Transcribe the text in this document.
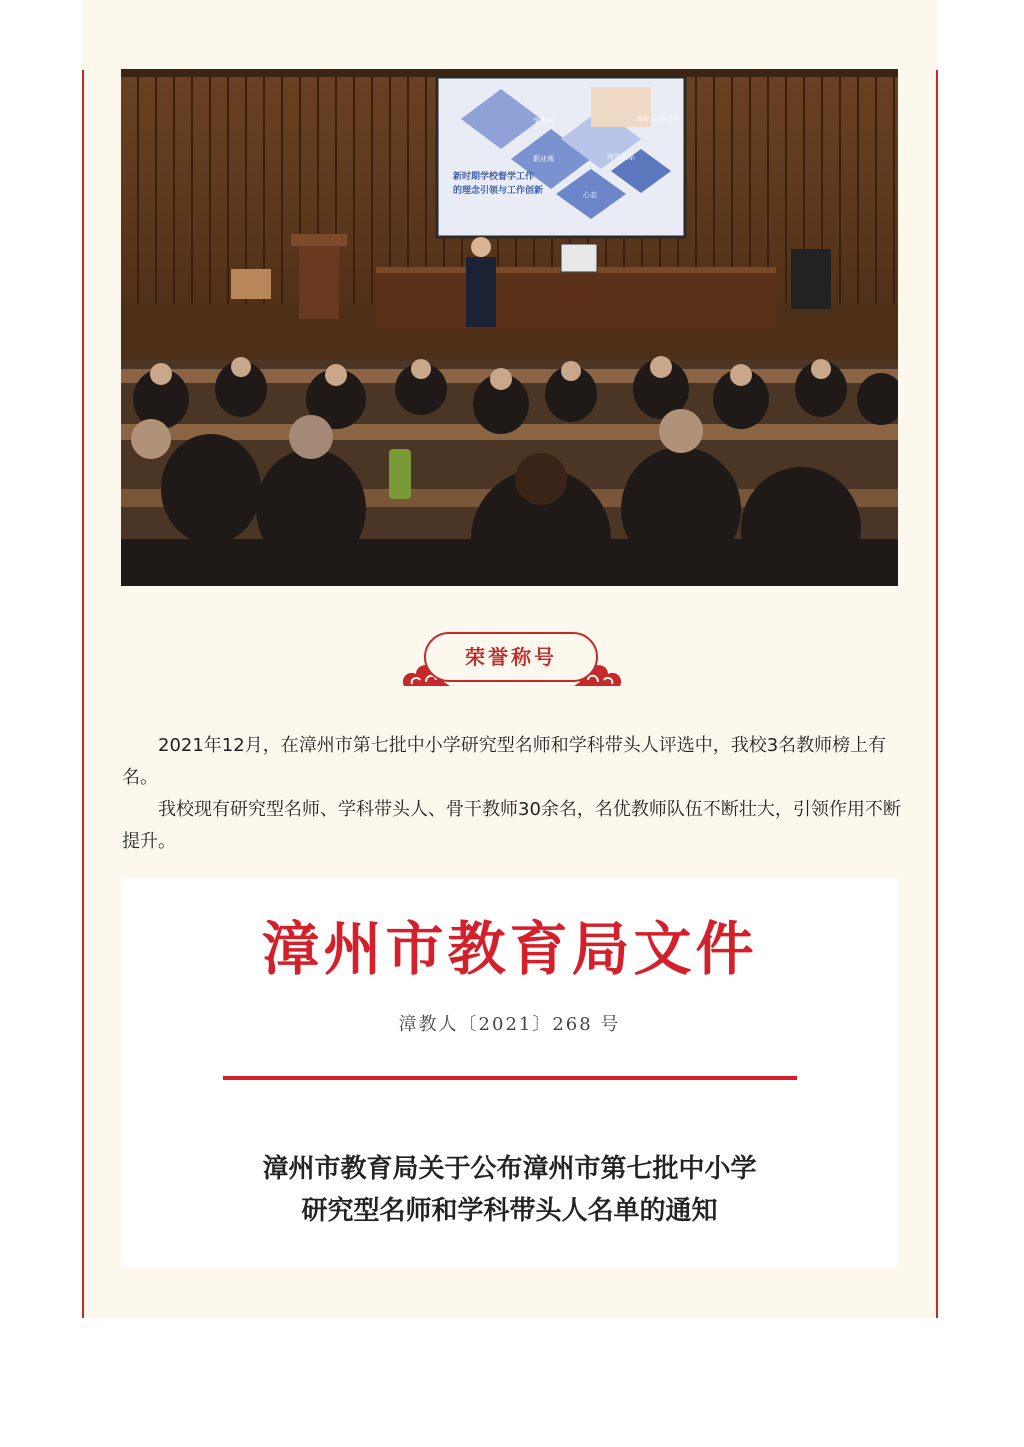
新时期学校督学工作
的理念引领与工作创新
学生观
职业观	师生关系
心态
部智力团队建设
荣誉称号

2021年12月，在漳州市第七批中小学研究型名师和学科带头人评选中，我校3名教师榜上有名。

我校现有研究型名师、学科带头人、骨干教师30余名，名优教师队伍不断壮大，引领作用不断提升。

漳州市教育局文件
漳教人〔2021〕268 号
漳州市教育局关于公布漳州市第七批中小学
研究型名师和学科带头人名单的通知
